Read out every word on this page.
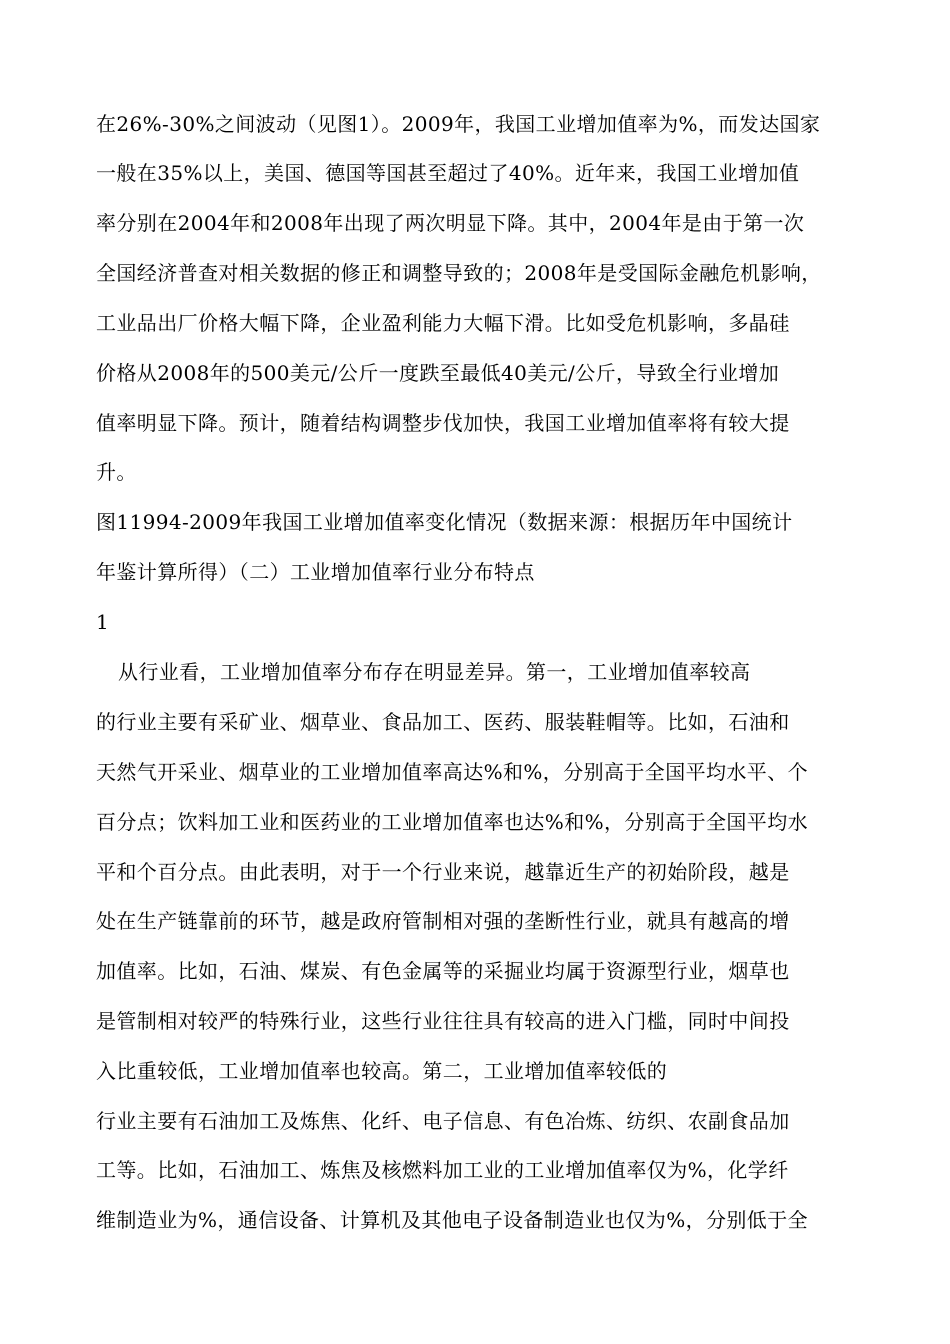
在26%-30%之间波动（见图1）。2009年，我国工业增加值率为%，而发达国家
一般在35%以上，美国、德国等国甚至超过了40%。近年来，我国工业增加值
率分别在2004年和2008年出现了两次明显下降。其中，2004年是由于第一次
全国经济普查对相关数据的修正和调整导致的；2008年是受国际金融危机影响，
工业品出厂价格大幅下降，企业盈利能力大幅下滑。比如受危机影响，多晶硅
价格从2008年的500美元/公斤一度跌至最低40美元/公斤，导致全行业增加
值率明显下降。预计，随着结构调整步伐加快，我国工业增加值率将有较大提
升。
图11994-2009年我国工业增加值率变化情况（数据来源：根据历年中国统计
年鉴计算所得）（二）工业增加值率行业分布特点
1
从行业看，工业增加值率分布存在明显差异。第一，工业增加值率较高
的行业主要有采矿业、烟草业、食品加工、医药、服装鞋帽等。比如，石油和
天然气开采业、烟草业的工业增加值率高达%和%，分别高于全国平均水平、个
百分点；饮料加工业和医药业的工业增加值率也达%和%，分别高于全国平均水
平和个百分点。由此表明，对于一个行业来说，越靠近生产的初始阶段，越是
处在生产链靠前的环节，越是政府管制相对强的垄断性行业，就具有越高的增
加值率。比如，石油、煤炭、有色金属等的采掘业均属于资源型行业，烟草也
是管制相对较严的特殊行业，这些行业往往具有较高的进入门槛，同时中间投
入比重较低，工业增加值率也较高。第二，工业增加值率较低的
行业主要有石油加工及炼焦、化纤、电子信息、有色冶炼、纺织、农副食品加
工等。比如，石油加工、炼焦及核燃料加工业的工业增加值率仅为%，化学纤
维制造业为%，通信设备、计算机及其他电子设备制造业也仅为%，分别低于全
